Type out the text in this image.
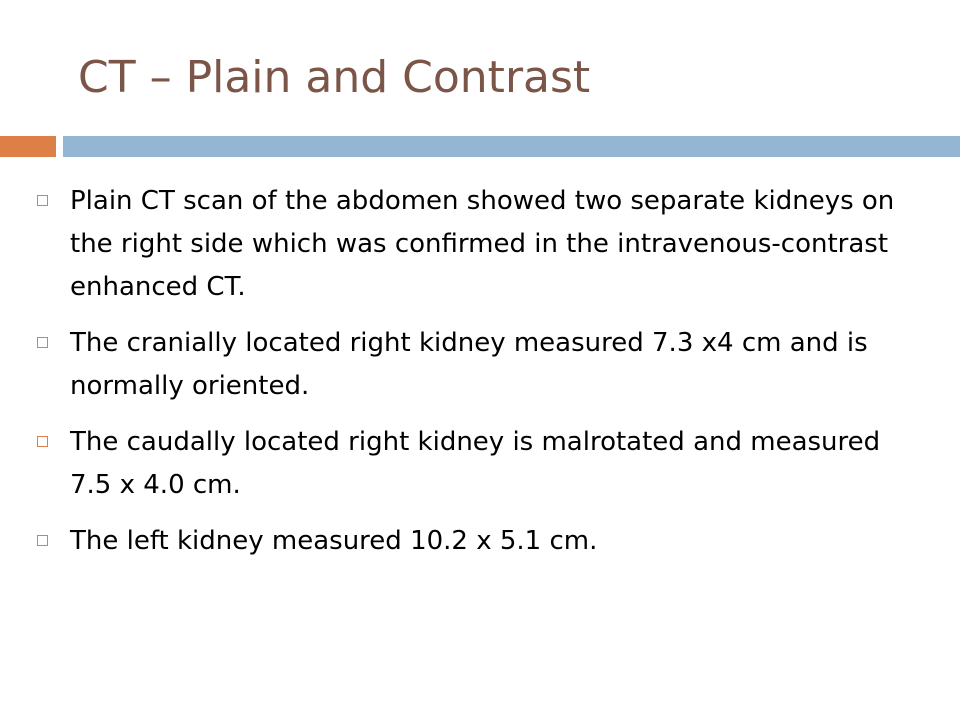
CT – Plain and Contrast
Plain CT scan of the abdomen showed two separate kidneys on the right side which was confirmed in the intravenous-contrast enhanced CT.
The cranially located right kidney measured 7.3 x4 cm and is normally oriented.
The caudally located right kidney is malrotated and measured 7.5 x 4.0 cm.
The left kidney measured 10.2 x 5.1 cm.
